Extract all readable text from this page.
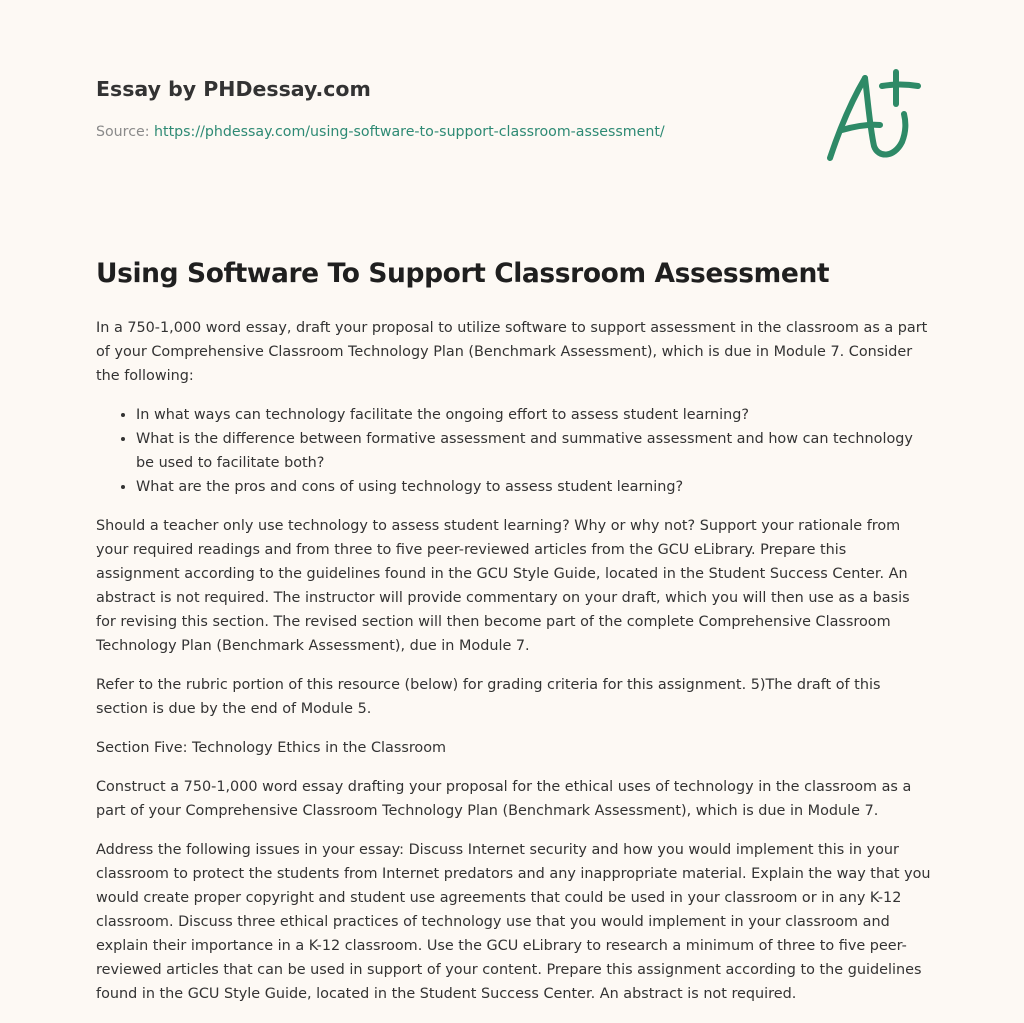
Essay by PHDessay.com
Source: https://phdessay.com/using-software-to-support-classroom-assessment/
Using Software To Support Classroom Assessment

In a 750-1,000 word essay, draft your proposal to utilize software to support assessment in the classroom as a part of your Comprehensive Classroom Technology Plan (Benchmark Assessment), which is due in Module 7. Consider the following:

• In what ways can technology facilitate the ongoing effort to assess student learning?
• What is the difference between formative assessment and summative assessment and how can technology be used to facilitate both?
• What are the pros and cons of using technology to assess student learning?

Should a teacher only use technology to assess student learning? Why or why not? Support your rationale from your required readings and from three to five peer-reviewed articles from the GCU eLibrary. Prepare this assignment according to the guidelines found in the GCU Style Guide, located in the Student Success Center. An abstract is not required. The instructor will provide commentary on your draft, which you will then use as a basis for revising this section. The revised section will then become part of the complete Comprehensive Classroom Technology Plan (Benchmark Assessment), due in Module 7.

Refer to the rubric portion of this resource (below) for grading criteria for this assignment. 5)The draft of this section is due by the end of Module 5.

Section Five: Technology Ethics in the Classroom

Construct a 750-1,000 word essay drafting your proposal for the ethical uses of technology in the classroom as a part of your Comprehensive Classroom Technology Plan (Benchmark Assessment), which is due in Module 7.

Address the following issues in your essay: Discuss Internet security and how you would implement this in your classroom to protect the students from Internet predators and any inappropriate material. Explain the way that you would create proper copyright and student use agreements that could be used in your classroom or in any K-12 classroom. Discuss three ethical practices of technology use that you would implement in your classroom and explain their importance in a K-12 classroom. Use the GCU eLibrary to research a minimum of three to five peer-reviewed articles that can be used in support of your content. Prepare this assignment according to the guidelines found in the GCU Style Guide, located in the Student Success Center. An abstract is not required.
